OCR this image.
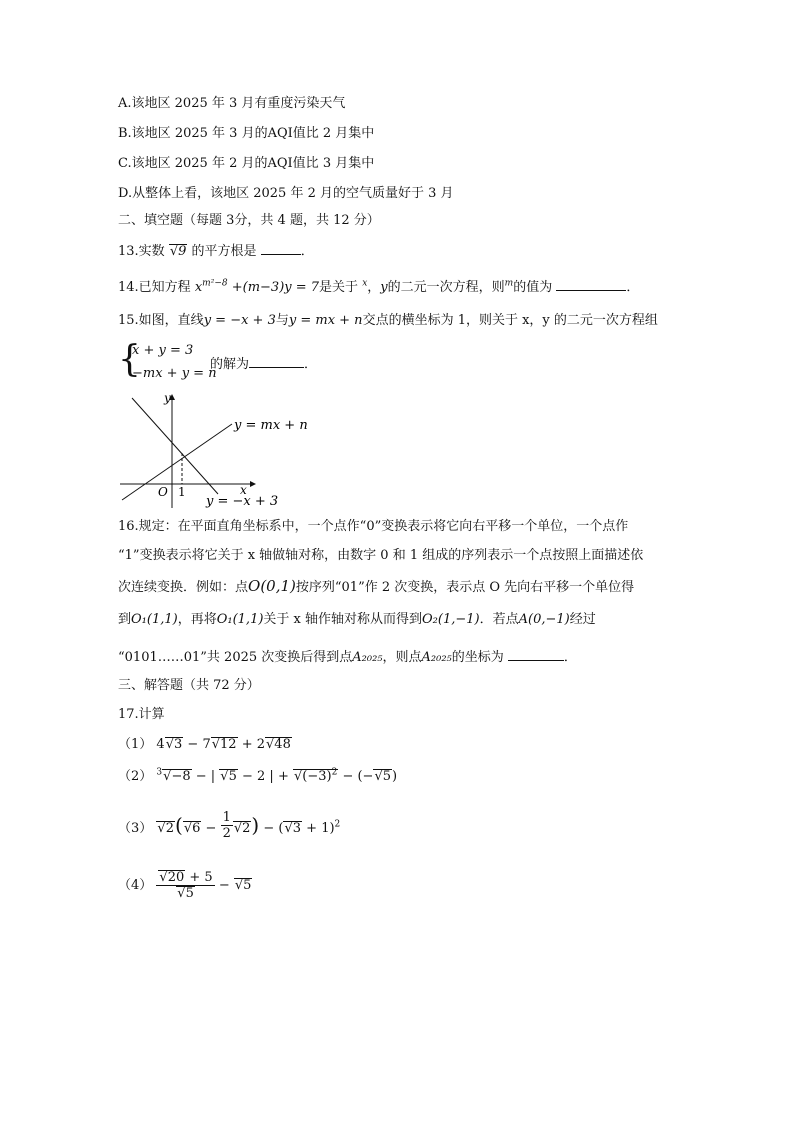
A.该地区 2025 年 3 月有重度污染天气
B.该地区 2025 年 3 月的AQI值比 2 月集中
C.该地区 2025 年 2 月的AQI值比 3 月集中
D.从整体上看，该地区 2025 年 2 月的空气质量好于 3 月
二、填空题（每题 3分，共 4 题，共 12 分）
13.实数 √9 的平方根是	．
14.已知方程 $x^{m^2-8} +(m-3)y = 7$是关于 $^x$，y的二元一次方程，则$^m$的值为	．
15.如图，直线y = −x + 3与y = mx + n交点的横坐标为 1，则关于 x，y 的二元一次方程组
{
x + y = 3
−mx + y = n
的解为	．
y
x
O 1
y = mx + n
y = −x + 3
16.规定：在平面直角坐标系中，一个点作“0”变换表示将它向右平移一个单位，一个点作
“1”变换表示将它关于 x 轴做轴对称，由数字 0 和 1 组成的序列表示一个点按照上面描述依
次连续变换．例如：点O(0,1)按序列“01”作 2 次变换，表示点 O 先向右平移一个单位得
到O₁(1,1)，再将O₁(1,1)关于 x 轴作轴对称从而得到O₂(1,−1)．若点A(0,−1)经过
“0101……01”共 2025 次变换后得到点A₂₀₂₅，则点A₂₀₂₅的坐标为	．
三、解答题（共 72 分）
17.计算
（1） 4√3 − 7√12 + 2√48
（2） $^3$√−8 − | √5 − 2 | + $√(-3)^2 - (-√5)$
（3） $√2(√6 - \frac{1}{2} √2) - (√3 + 1)^2$
$(4) \frac{√20 + 5}{√5} - √5$
